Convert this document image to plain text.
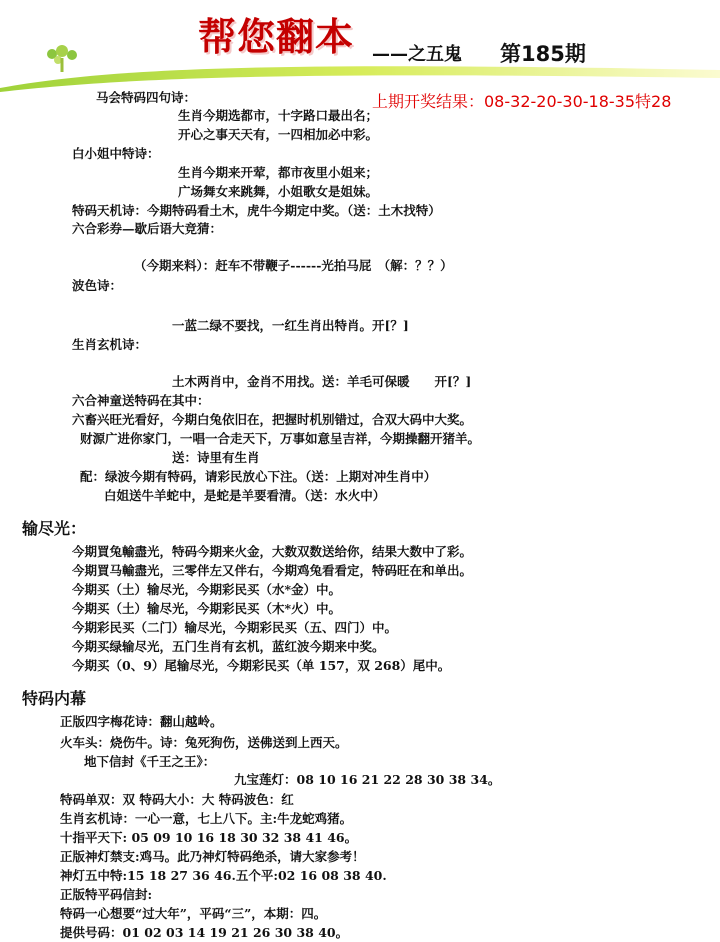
帮您翻本 ——之五鬼 第185期
上期开奖结果：08-32-20-30-18-35特28
马会特码四句诗：
生肖今期选都市，十字路口最出名；
开心之事天天有，一四相加必中彩。
白小姐中特诗：
生肖今期来开荤，都市夜里小姐来；
广场舞女来跳舞，小姐歌女是姐妹。
特码天机诗：今期特码看土木，虎牛今期定中奖。（送：土木找特）
六合彩券—歇后语大竞猜：
（今期来料）：赶车不带鞭子------光拍马屁　（解：？？）
波色诗：
一蓝二绿不要找，一红生肖出特肖。开[？]
生肖玄机诗：
土木两肖中，金肖不用找。送：羊毛可保暖　　开[？]
六合神童送特码在其中：
六畜兴旺光看好，今期白兔依旧在，把握时机别错过，合双大码中大奖。
财源广进你家门，一唱一合走天下，万事如意呈吉祥，今期操翻开猪羊。
送：诗里有生肖
配：绿波今期有特码，请彩民放心下注。（送：上期对冲生肖中）
白姐送牛羊蛇中，是蛇是羊要看清。（送：水火中）
输尽光：
今期買兔輸盡光，特码今期来火金，大数双数送给你，结果大数中了彩。
今期買马輸盡光，三零伴左又伴右，今期鸡兔看看定，特码旺在和单出。
今期买（土）输尽光，今期彩民买（水*金）中。
今期买（土）输尽光，今期彩民买（木*火）中。
今期彩民买（二门）输尽光，今期彩民买（五、四门）中。
今期买绿输尽光，五门生肖有玄机，蓝红波今期来中奖。
今期买（0、9）尾输尽光，今期彩民买（单 157，双 268）尾中。
特码内幕
正版四字梅花诗：翻山越岭。
火车头：烧伤牛。诗：兔死狗伤，送佛送到上西天。
地下信封《千王之王》：
九宝莲灯：08 10 16 21 22 28 30 38 34。
特码单双：双 特码大小：大 特码波色：红
生肖玄机诗：一心一意，七上八下。主:牛龙蛇鸡猪。
十指平天下: 05 09 10 16 18 30 32 38 41 46。
正版神灯禁支:鸡马。此乃神灯特码绝杀，请大家参考！
神灯五中特:15 18 27 36 46.五个平:02 16 08 38 40.
正版特平码信封:
特码一心想要“过大年”，平码“三”，本期：四。
提供号码：01 02 03 14 19 21 26 30 38 40。
